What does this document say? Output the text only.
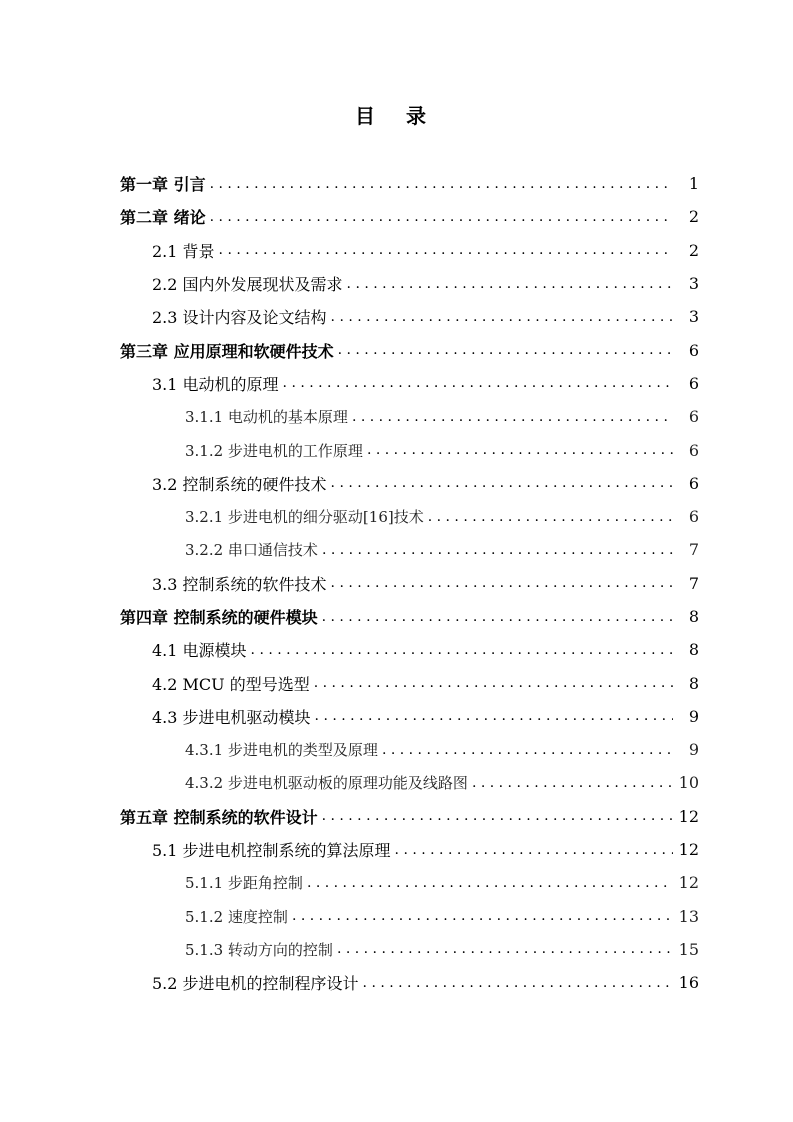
目 录
第一章 引言 . . .	1
第二章 绪论 . . .	2
2.1 背景 . . .	2
2.2 国内外发展现状及需求 . . .	3
2.3 设计内容及论文结构 . . .	3
第三章 应用原理和软硬件技术 . . .	6
3.1 电动机的原理 . . .	6
3.1.1 电动机的基本原理 . . .	6
3.1.2 步进电机的工作原理 . . .	6
3.2 控制系统的硬件技术 . . .	6
3.2.1 步进电机的细分驱动[16]技术 . . .	6
3.2.2 串口通信技术 . . .	7
3.3 控制系统的软件技术 . . .	7
第四章 控制系统的硬件模块 . . .	8
4.1 电源模块 . . .	8
4.2 MCU 的型号选型 . . .	8
4.3 步进电机驱动模块 . . .	9
4.3.1 步进电机的类型及原理 . . .	9
4.3.2 步进电机驱动板的原理功能及线路图 . . .	10
第五章 控制系统的软件设计 . . .	12
5.1 步进电机控制系统的算法原理 . . .	12
5.1.1 步距角控制 . . .	12
5.1.2 速度控制 . . .	13
5.1.3 转动方向的控制 . . .	15
5.2 步进电机的控制程序设计 . . .	16
